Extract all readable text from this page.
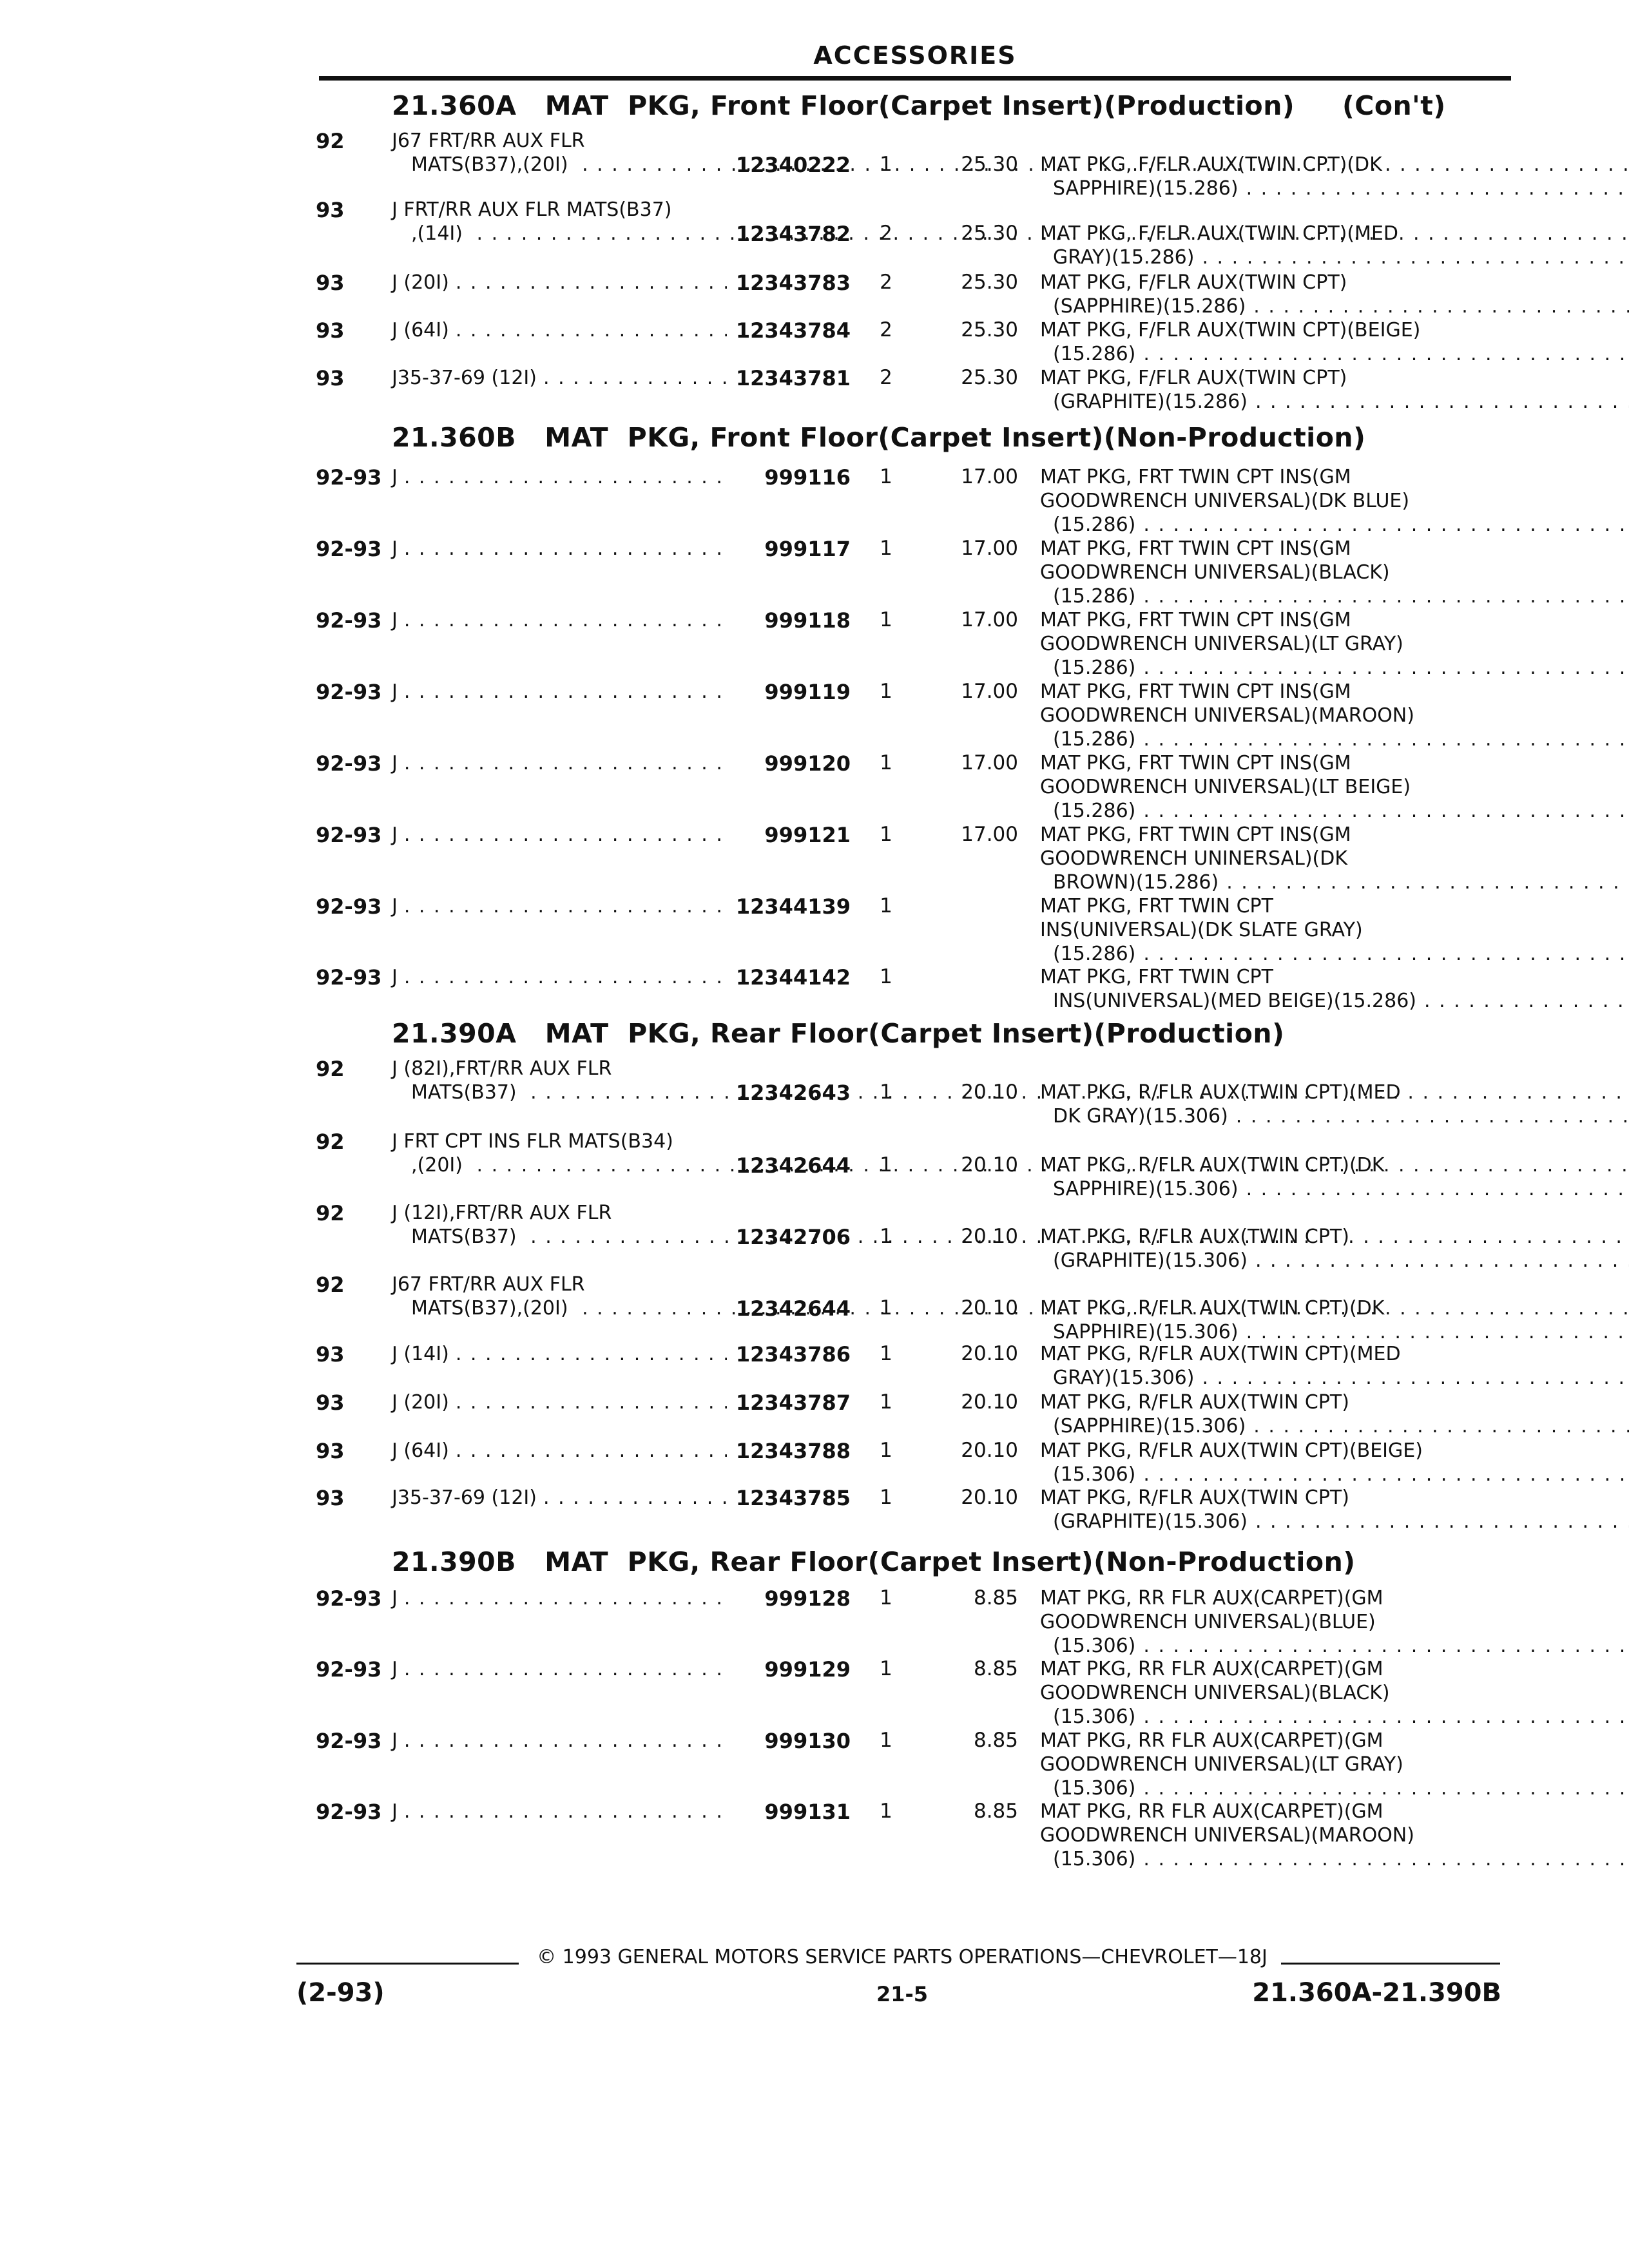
ACCESSORIES
21.360A   MAT  PKG, Front Floor(Carpet Insert)(Production)     (Con't)
92 J67 FRT/RR AUX FLR
MATS(B37),(20I) . . .	12340222 1	25.30 MAT PKG, F/FLR AUX(TWIN CPT)(DK
SAPPHIRE)(15.286) . . .
93 J FRT/RR AUX FLR MATS(B37)
,(14I) . . .	12343782 2	25.30 MAT PKG, F/FLR AUX(TWIN CPT)(MED
GRAY)(15.286) . . .
93 J (20I) . . .	12343783 2	25.30 MAT PKG, F/FLR AUX(TWIN CPT)
(SAPPHIRE)(15.286) . . .
93 J (64I) . . .	12343784 2	25.30 MAT PKG, F/FLR AUX(TWIN CPT)(BEIGE)
(15.286) . . .
93 J35-37-69 (12I) . . .	12343781 2	25.30 MAT PKG, F/FLR AUX(TWIN CPT)
(GRAPHITE)(15.286) . . .
21.360B   MAT  PKG, Front Floor(Carpet Insert)(Non-Production)
92-93 J . . .	999116 1	17.00 MAT PKG, FRT TWIN CPT INS(GM
GOODWRENCH UNIVERSAL)(DK BLUE)
(15.286) . . .
92-93 J . . .	999117 1	17.00 MAT PKG, FRT TWIN CPT INS(GM
GOODWRENCH UNIVERSAL)(BLACK)
(15.286) . . .
92-93 J . . .	999118 1	17.00 MAT PKG, FRT TWIN CPT INS(GM
GOODWRENCH UNIVERSAL)(LT GRAY)
(15.286) . . .
92-93 J . . .	999119 1	17.00 MAT PKG, FRT TWIN CPT INS(GM
GOODWRENCH UNIVERSAL)(MAROON)
(15.286) . . .
92-93 J . . .	999120 1	17.00 MAT PKG, FRT TWIN CPT INS(GM
GOODWRENCH UNIVERSAL)(LT BEIGE)
(15.286) . . .
92-93 J . . .	999121 1	17.00 MAT PKG, FRT TWIN CPT INS(GM
GOODWRENCH UNINERSAL)(DK
BROWN)(15.286) . . .
92-93 J . . .	12344139 1	MAT PKG, FRT TWIN CPT
INS(UNIVERSAL)(DK SLATE GRAY)
(15.286) . . .
92-93 J . . .	12344142 1	MAT PKG, FRT TWIN CPT
INS(UNIVERSAL)(MED BEIGE)(15.286) . . .
21.390A   MAT  PKG, Rear Floor(Carpet Insert)(Production)
92 J (82I),FRT/RR AUX FLR
MATS(B37) . . .	12342643 1	20.10 MAT PKG, R/FLR AUX(TWIN CPT)(MED
DK GRAY)(15.306) . . .
92 J FRT CPT INS FLR MATS(B34)
,(20I) . . .	12342644 1	20.10 MAT PKG, R/FLR AUX(TWIN CPT)(DK
SAPPHIRE)(15.306) . . .
92 J (12I),FRT/RR AUX FLR
MATS(B37) . . .	12342706 1	20.10 MAT PKG, R/FLR AUX(TWIN CPT)
(GRAPHITE)(15.306) . . .
92 J67 FRT/RR AUX FLR
MATS(B37),(20I) . . .	12342644 1	20.10 MAT PKG, R/FLR AUX(TWIN CPT)(DK
SAPPHIRE)(15.306) . . .
93 J (14I) . . .	12343786 1	20.10 MAT PKG, R/FLR AUX(TWIN CPT)(MED
GRAY)(15.306) . . .
93 J (20I) . . .	12343787 1	20.10 MAT PKG, R/FLR AUX(TWIN CPT)
(SAPPHIRE)(15.306) . . .
93 J (64I) . . .	12343788 1	20.10 MAT PKG, R/FLR AUX(TWIN CPT)(BEIGE)
(15.306) . . .
93 J35-37-69 (12I) . . .	12343785 1	20.10 MAT PKG, R/FLR AUX(TWIN CPT)
(GRAPHITE)(15.306) . . .
21.390B   MAT  PKG, Rear Floor(Carpet Insert)(Non-Production)
92-93 J . . .	999128 1	8.85 MAT PKG, RR FLR AUX(CARPET)(GM
GOODWRENCH UNIVERSAL)(BLUE)
(15.306) . . .
92-93 J . . .	999129 1	8.85 MAT PKG, RR FLR AUX(CARPET)(GM
GOODWRENCH UNIVERSAL)(BLACK)
(15.306) . . .
92-93 J . . .	999130 1	8.85 MAT PKG, RR FLR AUX(CARPET)(GM
GOODWRENCH UNIVERSAL)(LT GRAY)
(15.306) . . .
92-93 J . . .	999131 1	8.85 MAT PKG, RR FLR AUX(CARPET)(GM
GOODWRENCH UNIVERSAL)(MAROON)
(15.306) . . .
© 1993 GENERAL MOTORS SERVICE PARTS OPERATIONS—CHEVROLET—18J
(2-93)	21-5	21.360A-21.390B
